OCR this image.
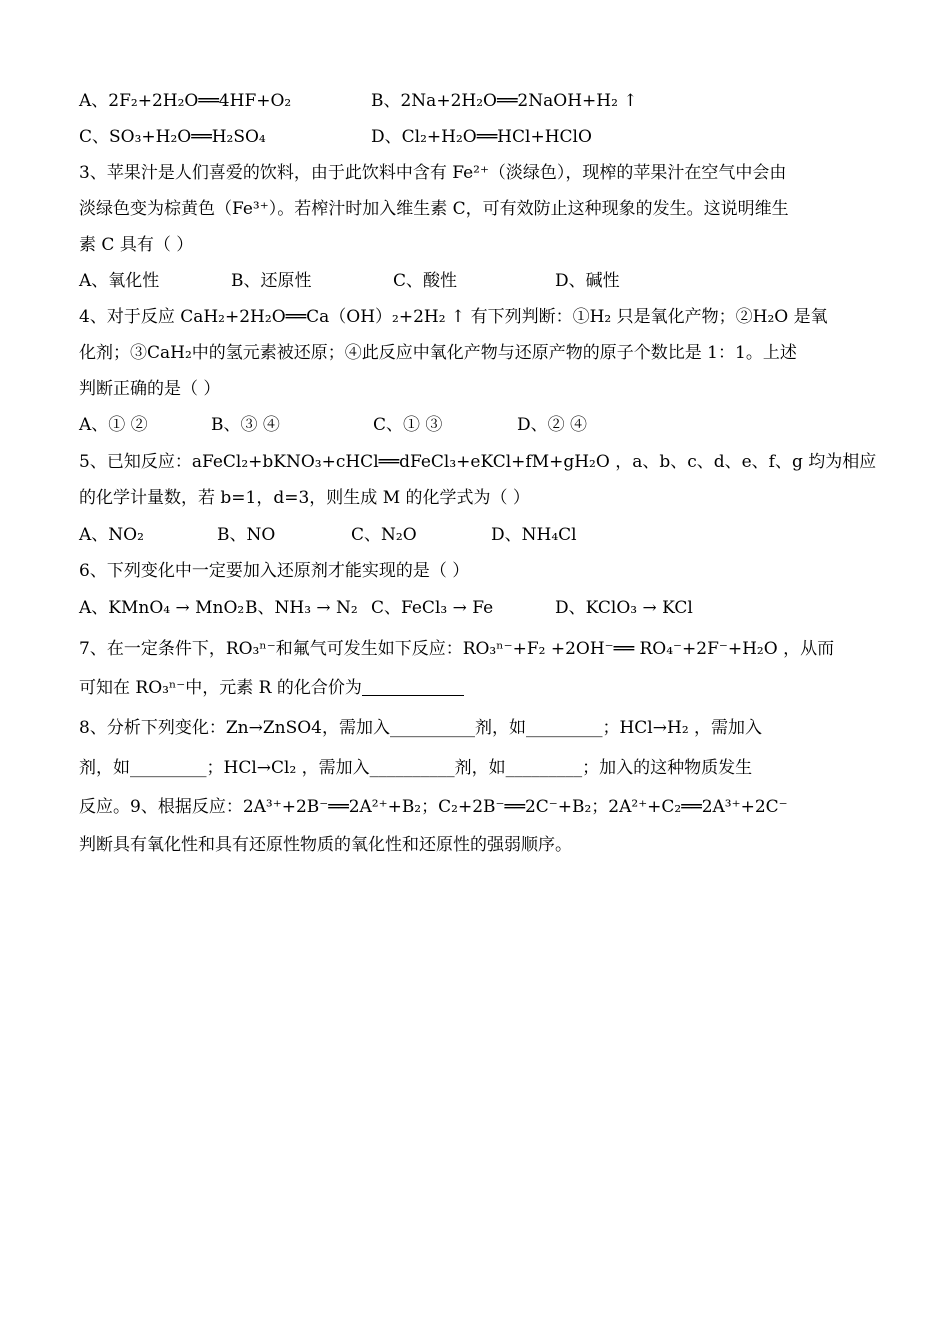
A、2F₂+2H₂O══4HF+O₂	B、2Na+2H₂O══2NaOH+H₂ ↑
C、SO₃+H₂O══H₂SO₄	D、Cl₂+H₂O══HCl+HClO
3、苹果汁是人们喜爱的饮料，由于此饮料中含有 Fe²⁺（淡绿色），现榨的苹果汁在空气中会由
淡绿色变为棕黄色（Fe³⁺）。若榨汁时加入维生素 C，可有效防止这种现象的发生。这说明维生
素 C 具有（ ）
A、氧化性	B、还原性	C、酸性	D、碱性
4、对于反应 CaH₂+2H₂O══Ca（OH）₂+2H₂ ↑ 有下列判断：①H₂ 只是氧化产物；②H₂O 是氧
化剂；③CaH₂中的氢元素被还原；④此反应中氧化产物与还原产物的原子个数比是 1：1。上述
判断正确的是（ ）
A、① ②	B、③ ④	C、① ③	D、② ④
5、已知反应：aFeCl₂+bKNO₃+cHCl══dFeCl₃+eKCl+fM+gH₂O ，a、b、c、d、e、f、g 均为相应
的化学计量数，若 b=1，d=3，则生成 M 的化学式为（ ）
A、NO₂	B、NO	C、N₂O	D、NH₄Cl
6、下列变化中一定要加入还原剂才能实现的是（ ）
A、KMnO₄ → MnO₂ B、NH₃ → N₂ C、FeCl₃ → Fe	D、KClO₃ → KCl
7、在一定条件下，RO₃ⁿ⁻和氟气可发生如下反应：RO₃ⁿ⁻+F₂ +2OH⁻══ RO₄⁻+2F⁻+H₂O ，从而
可知在 RO₃ⁿ⁻中，元素 R 的化合价为
8、分析下列变化：Zn→ZnSO4，需加入__________剂，如_________；HCl→H₂ ，需加入
剂，如_________；HCl→Cl₂ ，需加入__________剂，如_________；加入的这种物质发生
反应。9、根据反应：2A³⁺+2B⁻══2A²⁺+B₂；C₂+2B⁻══2C⁻+B₂；2A²⁺+C₂══2A³⁺+2C⁻
判断具有氧化性和具有还原性物质的氧化性和还原性的强弱顺序。
